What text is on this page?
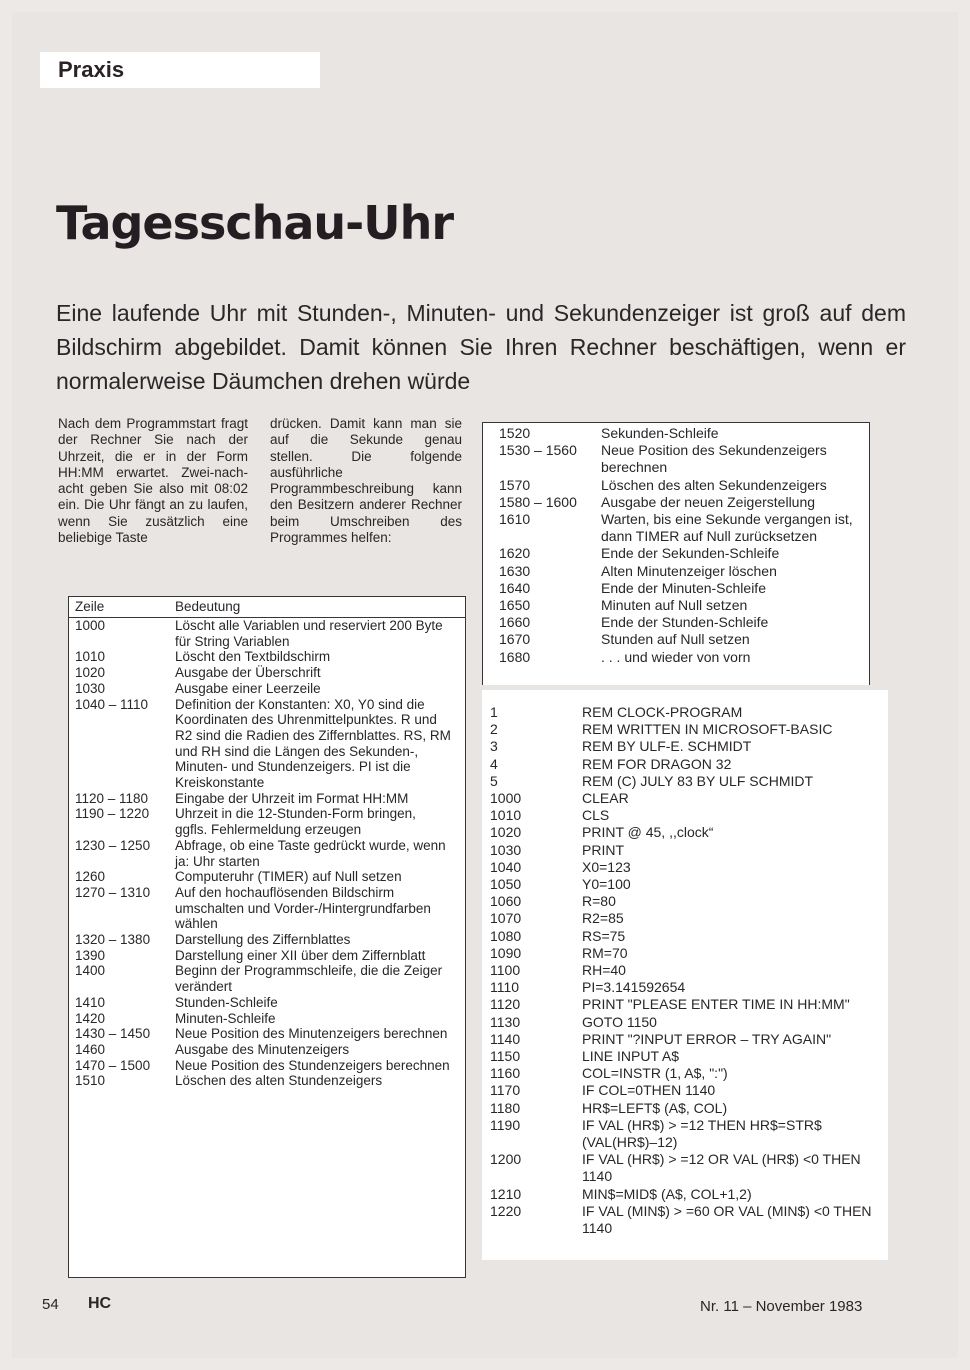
Praxis
Tagesschau-Uhr
Eine laufende Uhr mit Stunden-, Minuten- und Sekundenzeiger ist groß auf dem Bildschirm abgebildet. Damit können Sie Ihren Rechner beschäftigen, wenn er normalerweise Däumchen drehen würde
Nach dem Programmstart fragt der Rechner Sie nach der Uhrzeit, die er in der Form HH:MM erwartet. Zwei-nach-acht geben Sie also mit 08:02 ein. Die Uhr fängt an zu laufen, wenn Sie zusätzlich eine beliebige Taste
drücken. Damit kann man sie auf die Sekunde genau stellen. Die folgende ausführliche Programmbeschreibung kann den Besitzern anderer Rechner beim Umschreiben des Programmes helfen:
Zeile	Bedeutung
1000	Löscht alle Variablen und reserviert 200 Byte für String Variablen
1010	Löscht den Textbildschirm
1020	Ausgabe der Überschrift
1030	Ausgabe einer Leerzeile
1040 – 1110	Definition der Konstanten: X0, Y0 sind die Koordinaten des Uhrenmittelpunktes. R und R2 sind die Radien des Ziffernblattes. RS, RM und RH sind die Längen des Sekunden-, Minuten- und Stundenzeigers. PI ist die Kreiskonstante
1120 – 1180	Eingabe der Uhrzeit im Format HH:MM
1190 – 1220	Uhrzeit in die 12-Stunden-Form bringen, ggfls. Fehlermeldung erzeugen
1230 – 1250	Abfrage, ob eine Taste gedrückt wurde, wenn ja: Uhr starten
1260	Computeruhr (TIMER) auf Null setzen
1270 – 1310	Auf den hochauflösenden Bildschirm umschalten und Vorder-/Hintergrundfarben wählen
1320 – 1380	Darstellung des Ziffernblattes
1390	Darstellung einer XII über dem Ziffernblatt
1400	Beginn der Programmschleife, die die Zeiger verändert
1410	Stunden-Schleife
1420	Minuten-Schleife
1430 – 1450	Neue Position des Minutenzeigers berechnen
1460	Ausgabe des Minutenzeigers
1470 – 1500	Neue Position des Stundenzeigers berechnen
1510	Löschen des alten Stundenzeigers
1520	Sekunden-Schleife
1530 – 1560	Neue Position des Sekundenzeigers berechnen
1570	Löschen des alten Sekundenzeigers
1580 – 1600	Ausgabe der neuen Zeigerstellung
1610	Warten, bis eine Sekunde vergangen ist, dann TIMER auf Null zurücksetzen
1620	Ende der Sekunden-Schleife
1630	Alten Minutenzeiger löschen
1640	Ende der Minuten-Schleife
1650	Minuten auf Null setzen
1660	Ende der Stunden-Schleife
1670	Stunden auf Null setzen
1680	. . . und wieder von vorn
1	REM CLOCK-PROGRAM
2	REM WRITTEN IN MICROSOFT-BASIC
3	REM BY ULF-E. SCHMIDT
4	REM FOR DRAGON 32
5	REM (C) JULY 83 BY ULF SCHMIDT
1000	CLEAR
1010	CLS
1020	PRINT @ 45, ,,clock“
1030	PRINT
1040	X0=123
1050	Y0=100
1060	R=80
1070	R2=85
1080	RS=75
1090	RM=70
1100	RH=40
1110	PI=3.141592654
1120	PRINT "PLEASE ENTER TIME IN HH:MM"
1130	GOTO 1150
1140	PRINT "?INPUT ERROR – TRY AGAIN"
1150	LINE INPUT A$
1160	COL=INSTR (1, A$, ":")
1170	IF COL=0THEN 1140
1180	HR$=LEFT$ (A$, COL)
1190	IF VAL (HR$) > =12 THEN HR$=STR$ (VAL(HR$)–12)
1200	IF VAL (HR$) > =12 OR VAL (HR$) <0 THEN 1140
1210	MIN$=MID$ (A$, COL+1,2)
1220	IF VAL (MIN$) > =60 OR VAL (MIN$) <0 THEN 1140
54 HC	Nr. 11 – November 1983
